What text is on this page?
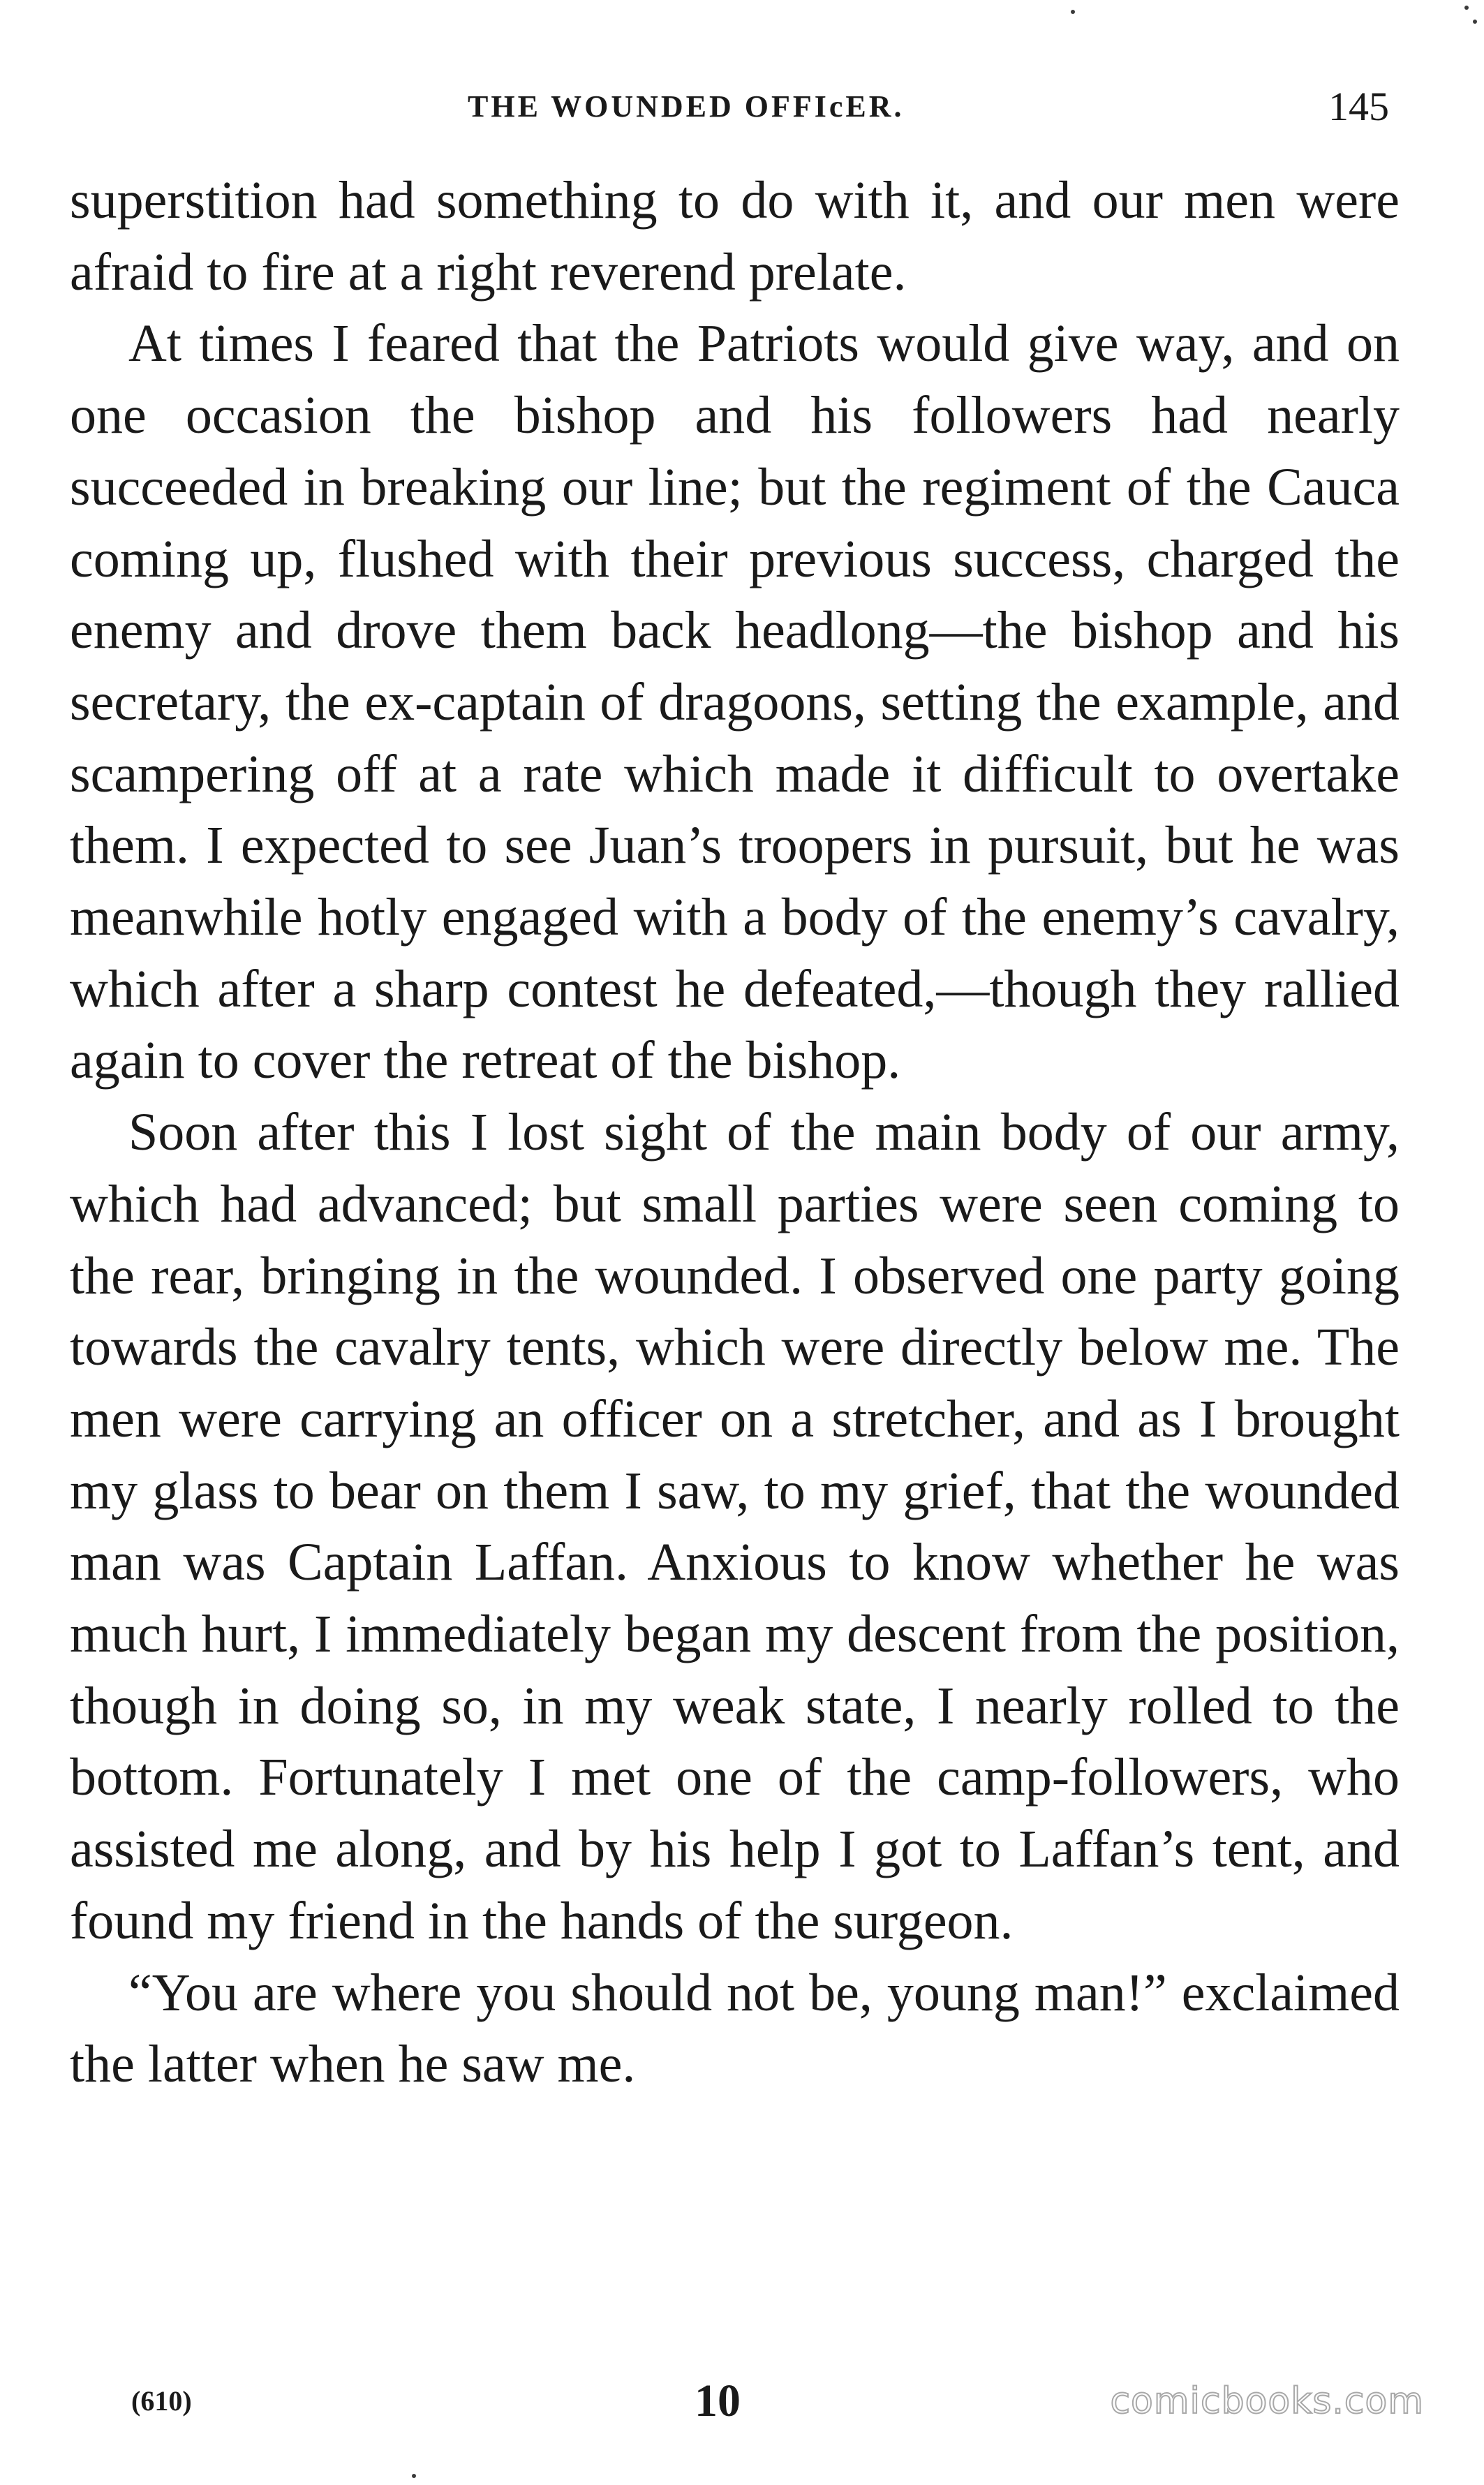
THE WOUNDED OFFIcER.	145

superstition had something to do with it, and our men were afraid to fire at a right reverend prelate.

At times I feared that the Patriots would give way, and on one occasion the bishop and his followers had nearly succeeded in breaking our line; but the regiment of the Cauca coming up, flushed with their previous success, charged the enemy and drove them back headlong—the bishop and his secretary, the ex-captain of dragoons, setting the example, and scampering off at a rate which made it difficult to overtake them. I expected to see Juan’s troopers in pursuit, but he was meanwhile hotly engaged with a body of the enemy’s cavalry, which after a sharp contest he defeated,—though they rallied again to cover the retreat of the bishop.

Soon after this I lost sight of the main body of our army, which had advanced; but small parties were seen coming to the rear, bringing in the wounded. I observed one party going towards the cavalry tents, which were directly below me. The men were carrying an officer on a stretcher, and as I brought my glass to bear on them I saw, to my grief, that the wounded man was Captain Laffan. Anxious to know whether he was much hurt, I immediately began my descent from the position, though in doing so, in my weak state, I nearly rolled to the bottom. Fortunately I met one of the camp-followers, who assisted me along, and by his help I got to Laffan’s tent, and found my friend in the hands of the surgeon.

“You are where you should not be, young man!” exclaimed the latter when he saw me.

(610)	10	comicbooks.com
